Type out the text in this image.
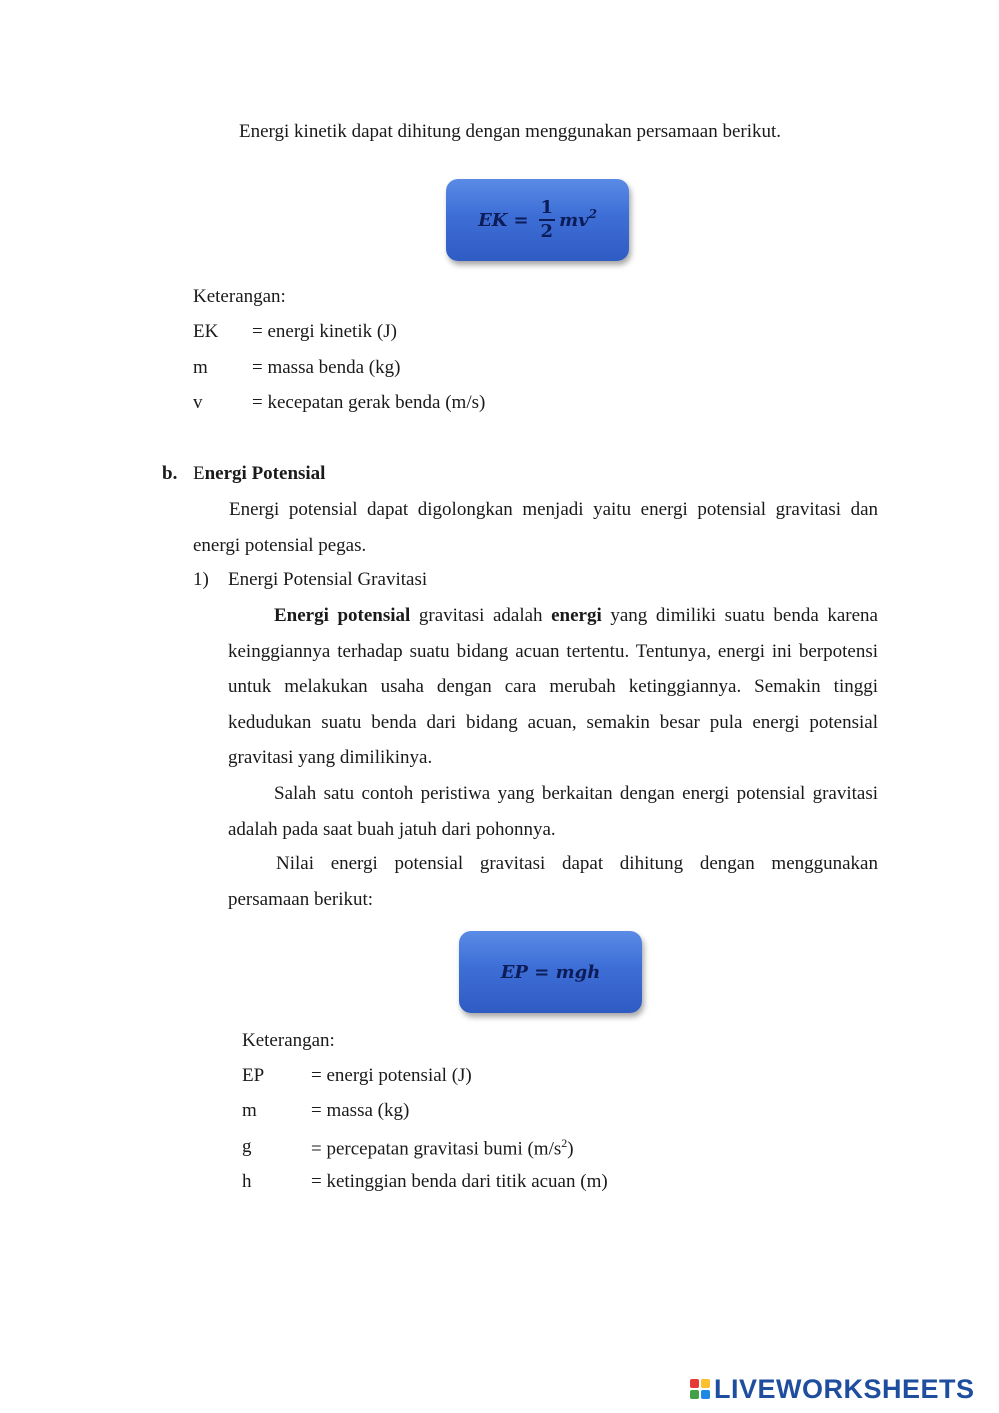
Energi kinetik dapat dihitung dengan menggunakan persamaan berikut.
EK = $\frac{1}{2} mv^2$
Keterangan:
EK = energi kinetik (J)
m = massa benda (kg)
v	= kecepatan gerak benda (m/s)
b. Energi Potensial
Energi potensial dapat digolongkan menjadi yaitu energi potensial gravitasi dan energi potensial pegas.
1) Energi Potensial Gravitasi
Energi potensial gravitasi adalah energi yang dimiliki suatu benda karena keinggiannya terhadap suatu bidang acuan tertentu. Tentunya, energi ini berpotensi untuk melakukan usaha dengan cara merubah ketinggiannya. Semakin tinggi kedudukan suatu benda dari bidang acuan, semakin besar pula energi potensial gravitasi yang dimilikinya.
Salah satu contoh peristiwa yang berkaitan dengan energi potensial gravitasi adalah pada saat buah jatuh dari pohonnya.
Nilai energi potensial gravitasi dapat dihitung dengan menggunakan persamaan berikut:
EP = mgh
Keterangan:
EP = energi potensial (J)
m	= massa (kg)
g	= percepatan gravitasi bumi $(m/s^2)$
h	= ketinggian benda dari titik acuan (m)
LIVEWORKSHEETS
